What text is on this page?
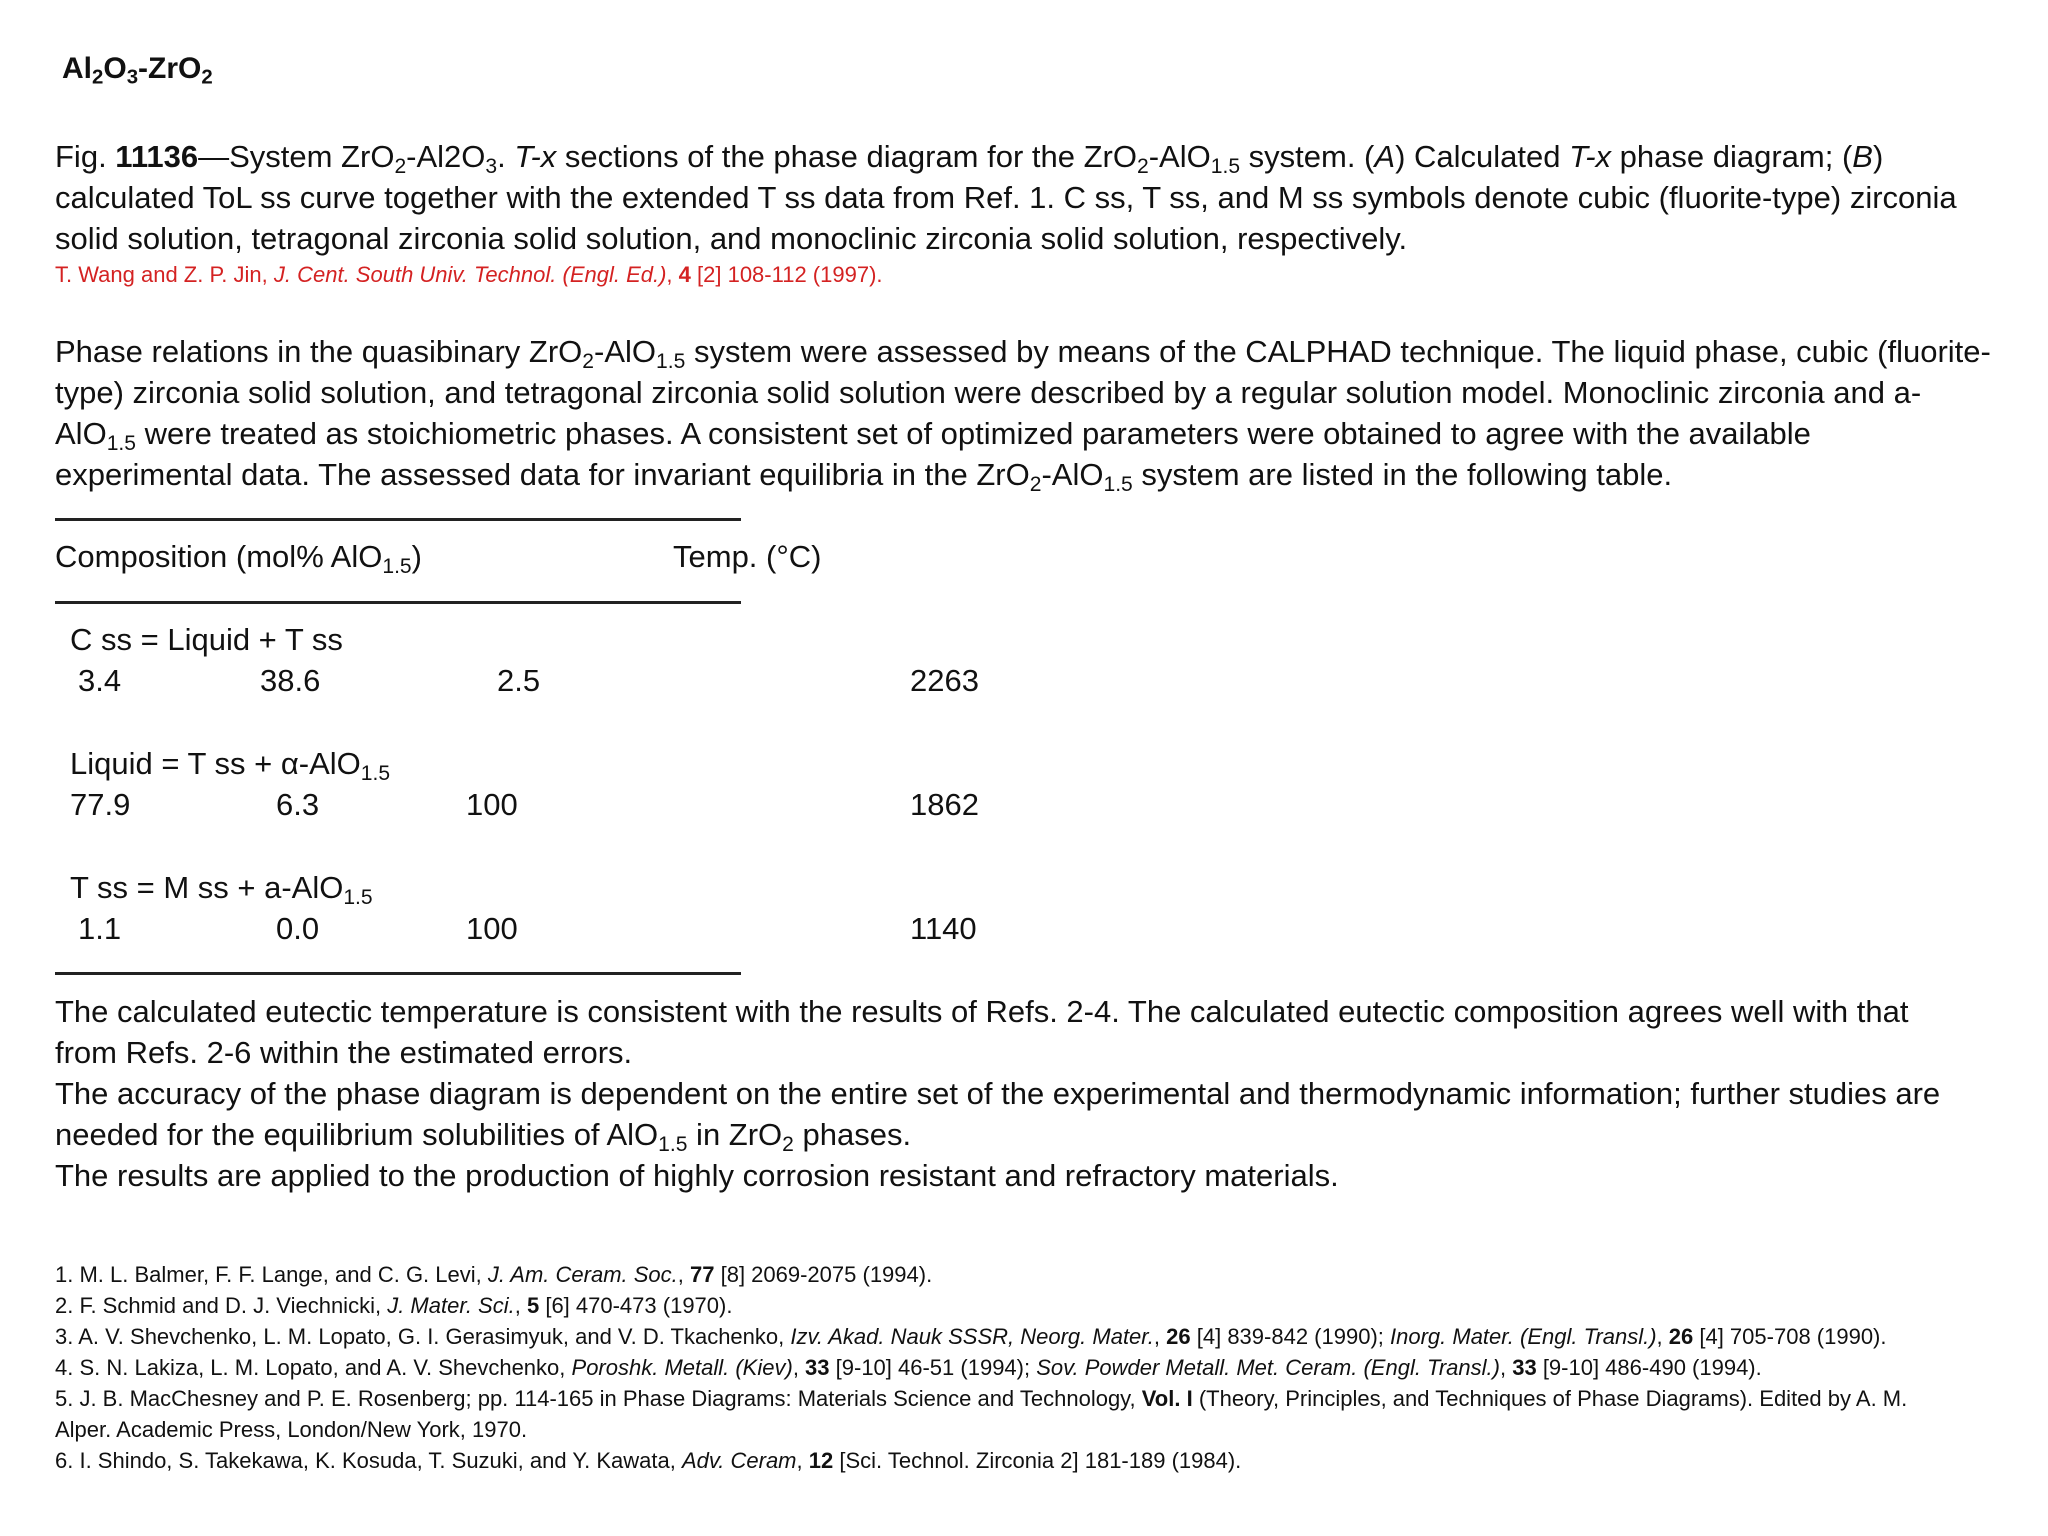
$Al_2O_3-ZrO_2$
Fig. 11136—System $ZrO_2-Al2O_3$. T-x sections of the phase diagram for the ZrO$_2$-AlO$_{1.5}$ system. (A) Calculated T-x phase diagram; (B)
calculated ToL ss curve together with the extended T ss data from Ref. 1. C ss, T ss, and M ss symbols denote cubic (fluorite-type) zirconia
solid solution, tetragonal zirconia solid solution, and monoclinic zirconia solid solution, respectively.
T. Wang and Z. P. Jin, J. Cent. South Univ. Technol. (Engl. Ed.), 4 [2] 108-112 (1997).
Phase relations in the quasibinary ZrO$_2$-AlO$_{1.5}$ system were assessed by means of the CALPHAD technique. The liquid phase, cubic (fluorite-
type) zirconia solid solution, and tetragonal zirconia solid solution were described by a regular solution model. Monoclinic zirconia and a-
AlO$_{1.5}$ were treated as stoichiometric phases. A consistent set of optimized parameters were obtained to agree with the available
experimental data. The assessed data for invariant equilibria in the ZrO$_2$-AlO$_{1.5}$ system are listed in the following table.
Composition (mol% AlO$_{1.5}$)	Temp. (°C)
C ss = Liquid + T ss
3.4	38.6	2.5	2263
Liquid = T ss + α-AlO$_{1.5}$
77.9	6.3	100	1862
T ss = M ss + a-AlO$_{1.5}$
1.1	0.0	100	1140
The calculated eutectic temperature is consistent with the results of Refs. 2-4. The calculated eutectic composition agrees well with that
from Refs. 2-6 within the estimated errors.
The accuracy of the phase diagram is dependent on the entire set of the experimental and thermodynamic information; further studies are
needed for the equilibrium solubilities of AlO$_{1.5}$ in ZrO$_2$ phases.
The results are applied to the production of highly corrosion resistant and refractory materials.
1. M. L. Balmer, F. F. Lange, and C. G. Levi, J. Am. Ceram. Soc., 77 [8] 2069-2075 (1994).
2. F. Schmid and D. J. Viechnicki, J. Mater. Sci., 5 [6] 470-473 (1970).
3. A. V. Shevchenko, L. M. Lopato, G. I. Gerasimyuk, and V. D. Tkachenko, Izv. Akad. Nauk SSSR, Neorg. Mater., 26 [4] 839-842 (1990); Inorg. Mater. (Engl. Transl.), 26 [4] 705-708 (1990).
4. S. N. Lakiza, L. M. Lopato, and A. V. Shevchenko, Poroshk. Metall. (Kiev), 33 [9-10] 46-51 (1994); Sov. Powder Metall. Met. Ceram. (Engl. Transl.), 33 [9-10] 486-490 (1994).
5. J. B. MacChesney and P. E. Rosenberg; pp. 114-165 in Phase Diagrams: Materials Science and Technology, Vol. I (Theory, Principles, and Techniques of Phase Diagrams). Edited by A. M.
Alper. Academic Press, London/New York, 1970.
6. I. Shindo, S. Takekawa, K. Kosuda, T. Suzuki, and Y. Kawata, Adv. Ceram, 12 [Sci. Technol. Zirconia 2] 181-189 (1984).
